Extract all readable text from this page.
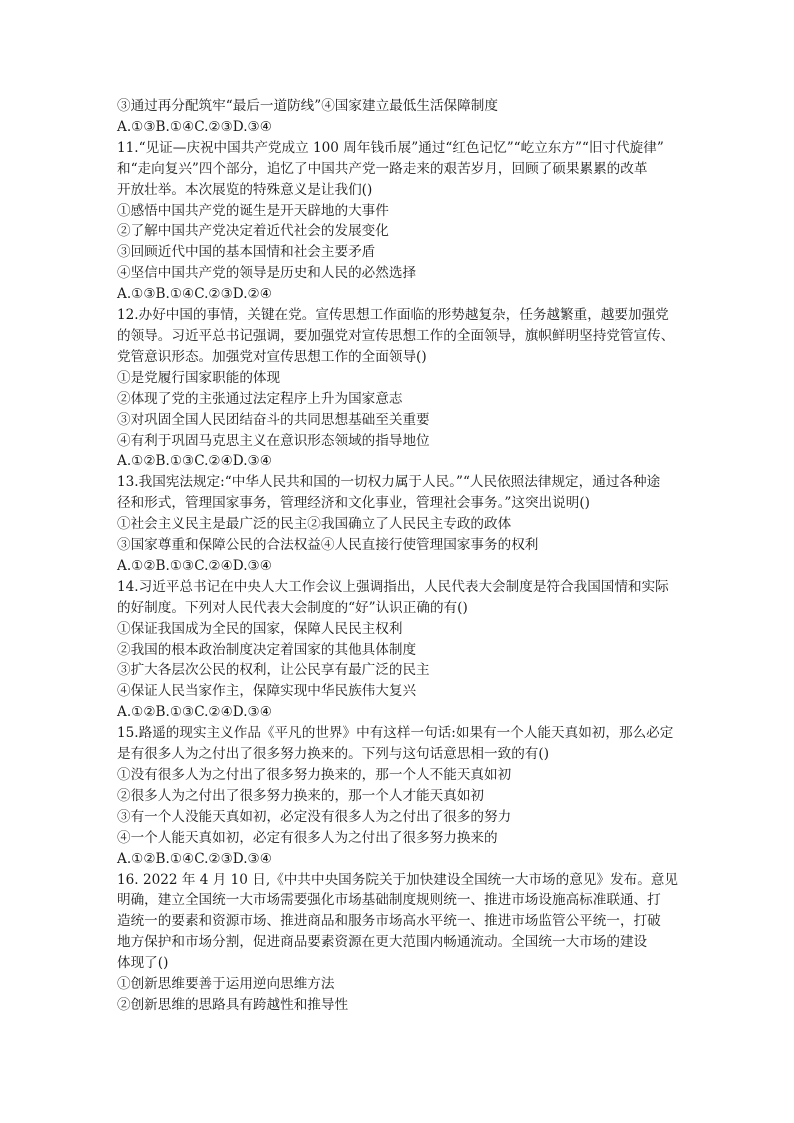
③通过再分配筑牢“最后一道防线”④国家建立最低生活保障制度
A.①③B.①④C.②③D.③④
11.“见证—庆祝中国共产党成立 100 周年钱币展”通过“红色记忆”“屹立东方”“旧寸代旋律”
和“走向复兴”四个部分，追忆了中国共产党一路走来的艰苦岁月，回顾了硕果累累的改革
开放壮举。本次展览的特殊意义是让我们()
①感悟中国共产党的诞生是开天辟地的大事件
②了解中国共产党决定着近代社会的发展变化
③回顾近代中国的基本国情和社会主要矛盾
④坚信中国共产党的领导是历史和人民的必然选择
A.①③B.①④C.②③D.②④
12.办好中国的事情，关键在党。宣传思想工作面临的形势越复杂，任务越繁重，越要加强党
的领导。习近平总书记强调，要加强党对宣传思想工作的全面领导，旗帜鲜明坚持党管宣传、
党管意识形态。加强党对宣传思想工作的全面领导()
①是党履行国家职能的体现
②体现了党的主张通过法定程序上升为国家意志
③对巩固全国人民团结奋斗的共同思想基础至关重要
④有利于巩固马克思主义在意识形态领域的指导地位
A.①②B.①③C.②④D.③④
13.我国宪法规定:“中华人民共和国的一切权力属于人民。”“人民依照法律规定，通过各种途
径和形式，管理国家事务，管理经济和文化事业，管理社会事务。”这突出说明()
①社会主义民主是最广泛的民主②我国确立了人民民主专政的政体
③国家尊重和保障公民的合法权益④人民直接行使管理国家事务的权利
A.①②B.①③C.②④D.③④
14.习近平总书记在中央人大工作会议上强调指出，人民代表大会制度是符合我国国情和实际
的好制度。下列对人民代表大会制度的“好”认识正确的有()
①保证我国成为全民的国家，保障人民民主权利
②我国的根本政治制度决定着国家的其他具体制度
③扩大各层次公民的权利，让公民享有最广泛的民主
④保证人民当家作主，保障实现中华民族伟大复兴
A.①②B.①③C.②④D.③④
15.路遥的现实主义作品《平凡的世界》中有这样一句话:如果有一个人能天真如初，那么必定
是有很多人为之付出了很多努力换来的。下列与这句话意思相一致的有()
①没有很多人为之付出了很多努力换来的，那一个人不能天真如初
②很多人为之付出了很多努力换来的，那一个人才能天真如初
③有一个人没能天真如初，必定没有很多人为之付出了很多的努力
④一个人能天真如初，必定有很多人为之付出了很多努力换来的
A.①②B.①④C.②③D.③④
16. 2022 年 4 月 10 日,《中共中央国务院关于加快建设全国统一大市场的意见》发布。意见
明确，建立全国统一大市场需要强化市场基础制度规则统一、推进市场设施高标准联通、打
造统一的要素和资源市场、推进商品和服务市场高水平统一、推进市场监管公平统一，打破
地方保护和市场分割，促进商品要素资源在更大范围内畅通流动。全国统一大市场的建设
体现了()
①创新思维要善于运用逆向思维方法
②创新思维的思路具有跨越性和推导性
